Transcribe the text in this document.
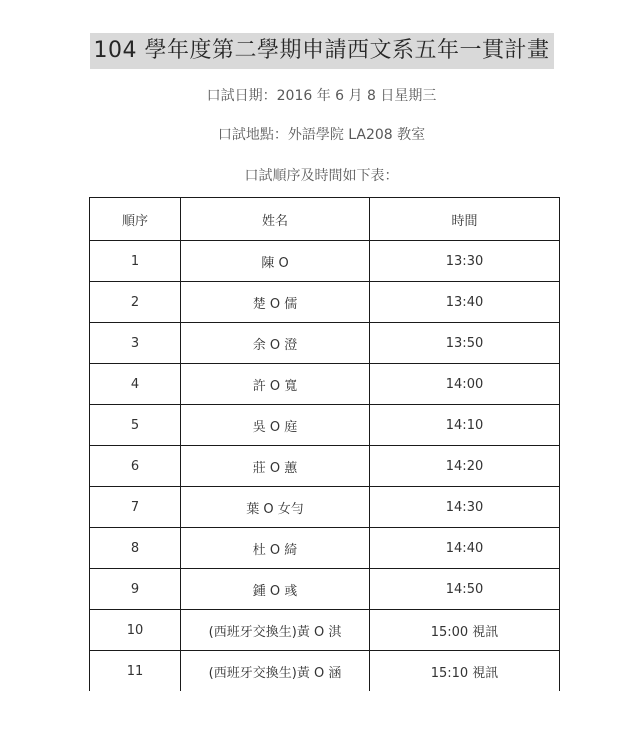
104 學年度第二學期申請西文系五年一貫計畫
口試日期：2016 年 6 月 8 日星期三
口試地點：外語學院 LA208 教室
口試順序及時間如下表：
順序	姓名	時間
1	陳 O	13:30
2	楚 O 儒	13:40
3	余 O 澄	13:50
4	許 O 寬	14:00
5	吳 O 庭	14:10
6	莊 O 蕙	14:20
7	葉 O 女勻	14:30
8	杜 O 綺	14:40
9	鍾 O 彧	14:50
10	(西班牙交換生)黃 O 淇	15:00 視訊
11	(西班牙交換生)黃 O 涵	15:10 視訊
